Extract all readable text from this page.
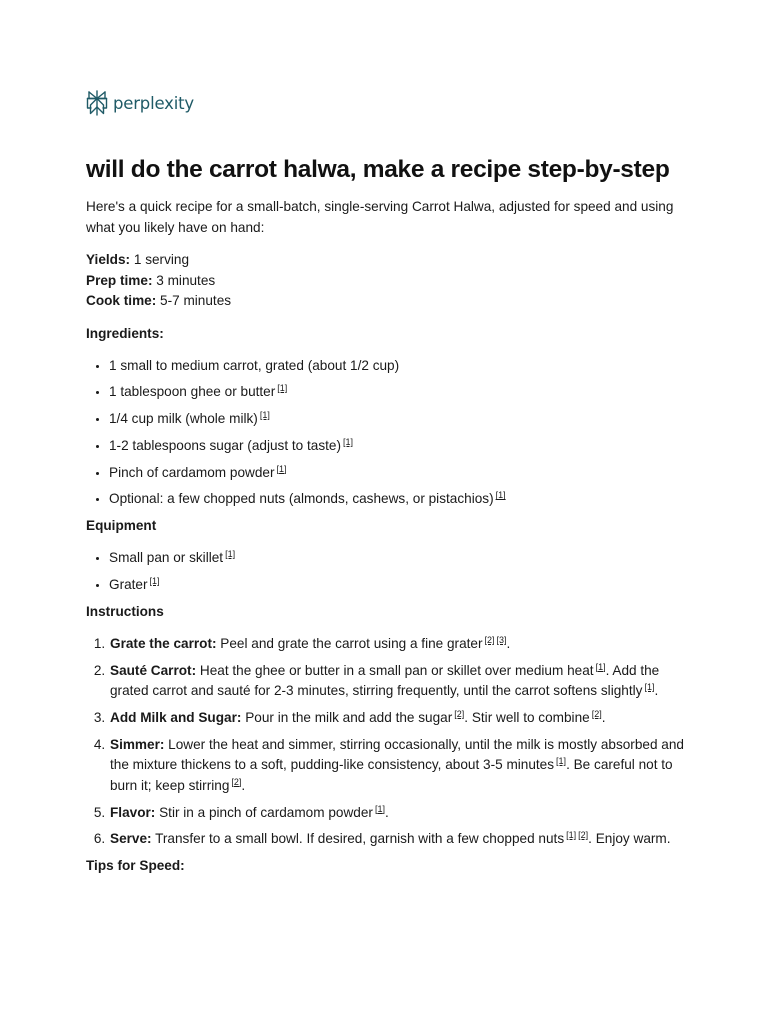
perplexity
will do the carrot halwa, make a recipe step-by-step

Here's a quick recipe for a small-batch, single-serving Carrot Halwa, adjusted for speed and using what you likely have on hand:

Yields: 1 serving
Prep time: 3 minutes
Cook time: 5-7 minutes
Ingredients:
• 1 small to medium carrot, grated (about 1/2 cup)
• 1 tablespoon ghee or butter [1]
• 1/4 cup milk (whole milk) [1]
• 1-2 tablespoons sugar (adjust to taste) [1]
• Pinch of cardamom powder [1]
• Optional: a few chopped nuts (almonds, cashews, or pistachios) [1]
Equipment
• Small pan or skillet [1]
• Grater [1]
Instructions
1. Grate the carrot: Peel and grate the carrot using a fine grater [2] [3].
2. Sauté Carrot: Heat the ghee or butter in a small pan or skillet over medium heat [1]. Add the grated carrot and sauté for 2-3 minutes, stirring frequently, until the carrot softens slightly [1].
3. Add Milk and Sugar: Pour in the milk and add the sugar [2]. Stir well to combine [2].
4. Simmer: Lower the heat and simmer, stirring occasionally, until the milk is mostly absorbed and the mixture thickens to a soft, pudding-like consistency, about 3-5 minutes [1]. Be careful not to burn it; keep stirring [2].
5. Flavor: Stir in a pinch of cardamom powder [1].
6. Serve: Transfer to a small bowl. If desired, garnish with a few chopped nuts [1] [2]. Enjoy warm.
Tips for Speed:
